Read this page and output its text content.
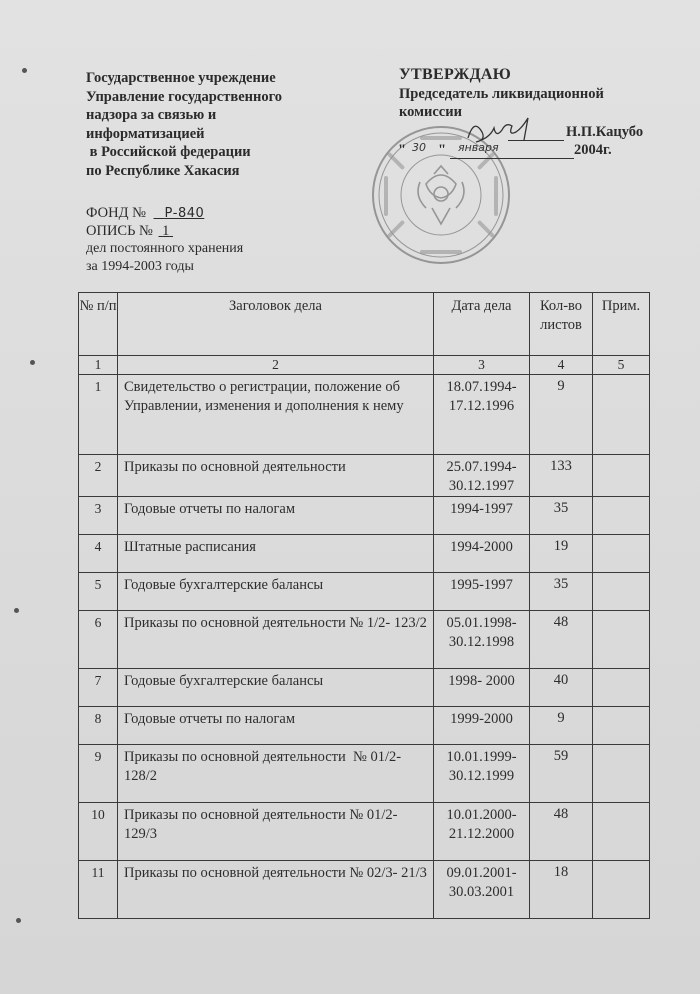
Государственное учреждение
Управление государственного
надзора за связью и
информатизацией
в Российской федерации
по Республике Хакасия
УТВЕРЖДАЮ
Председатель ликвидационной
комиссии
Н.П.Кацубо
" 30 " января	2004г.
ФОНД № Р-840
ОПИСЬ № 1
дел постоянного хранения
за 1994-2003 годы
№ п/п	Заголовок дела	Дата дела	Кол-во листов	Прим.
1	2	3	4	5
1	Свидетельство о регистрации, положение об Управлении, изменения и дополнения к нему	18.07.1994-17.12.1996	9	
2	Приказы по основной деятельности	25.07.1994-30.12.1997	133	
3	Годовые отчеты по налогам	1994-1997	35	
4	Штатные расписания	1994-2000	19	
5	Годовые бухгалтерские балансы	1995-1997	35	
6	Приказы по основной деятельности № 1/2- 123/2	05.01.1998-30.12.1998	48	
7	Годовые бухгалтерские балансы	1998- 2000	40	
8	Годовые отчеты по налогам	1999-2000	9	
9	Приказы по основной деятельности  № 01/2- 128/2	10.01.1999-30.12.1999	59	
10	Приказы по основной деятельности № 01/2- 129/3	10.01.2000-21.12.2000	48	
11	Приказы по основной деятельности № 02/3- 21/3	09.01.2001-30.03.2001	18	
